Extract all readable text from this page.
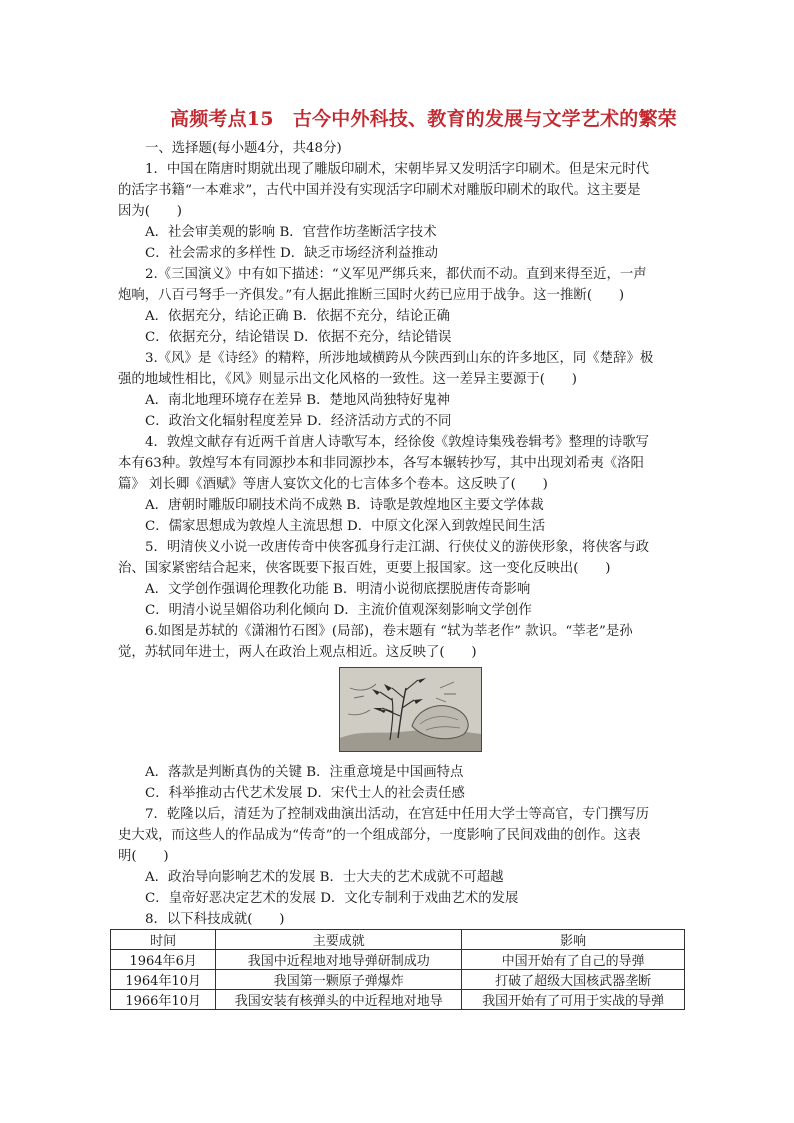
高频考点15　古今中外科技、教育的发展与文学艺术的繁荣
一、选择题(每小题4分，共48分)
1．中国在隋唐时期就出现了雕版印刷术，宋朝毕昇又发明活字印刷术。但是宋元时代
的活字书籍“一本难求”，古代中国并没有实现活字印刷术对雕版印刷术的取代。这主要是
因为(　　)
A．社会审美观的影响 B．官营作坊垄断活字技术
C．社会需求的多样性 D．缺乏市场经济利益推动
2.《三国演义》中有如下描述：“义军见严绑兵来，都伏而不动。直到来得至近，一声
炮响，八百弓弩手一齐俱发。”有人据此推断三国时火药已应用于战争。这一推断(　　)
A．依据充分，结论正确 B．依据不充分，结论正确
C．依据充分，结论错误 D．依据不充分，结论错误
3.《风》是《诗经》的精粹，所涉地域横跨从今陕西到山东的许多地区，同《楚辞》极
强的地域性相比，《风》则显示出文化风格的一致性。这一差异主要源于(　　)
A．南北地理环境存在差异 B．楚地风尚独特好鬼神
C．政治文化辐射程度差异 D．经济活动方式的不同
4．敦煌文献存有近两千首唐人诗歌写本，经徐俊《敦煌诗集残卷辑考》整理的诗歌写
本有63种。敦煌写本有同源抄本和非同源抄本，各写本辗转抄写，其中出现刘希夷《洛阳
篇》 刘长卿《酒赋》等唐人宴饮文化的七言体多个卷本。这反映了(　　)
A．唐朝时雕版印刷技术尚不成熟 B．诗歌是敦煌地区主要文学体裁
C．儒家思想成为敦煌人主流思想 D．中原文化深入到敦煌民间生活
5．明清侠义小说一改唐传奇中侠客孤身行走江湖、行侠仗义的游侠形象，将侠客与政
治、国家紧密结合起来，侠客既要下报百姓，更要上报国家。这一变化反映出(　　)
A．文学创作强调伦理教化功能 B．明清小说彻底摆脱唐传奇影响
C．明清小说呈媚俗功利化倾向 D．主流价值观深刻影响文学创作
6.如图是苏轼的《潇湘竹石图》(局部)，卷末题有 “轼为莘老作” 款识。“莘老”是孙
觉，苏轼同年进士，两人在政治上观点相近。这反映了(　　)
A．落款是判断真伪的关键 B．注重意境是中国画特点
C．科举推动古代艺术发展 D．宋代士人的社会责任感
7．乾隆以后，清廷为了控制戏曲演出活动，在宫廷中任用大学士等高官，专门撰写历
史大戏，而这些人的作品成为“传奇”的一个组成部分，一度影响了民间戏曲的创作。这表
明(　　)
A．政治导向影响艺术的发展 B．士大夫的艺术成就不可超越
C．皇帝好恶决定艺术的发展 D．文化专制利于戏曲艺术的发展
8．以下科技成就(　　)
时间	主要成就	影响
1964年6月	我国中近程地对地导弹研制成功	中国开始有了自己的导弹
1964年10月	我国第一颗原子弹爆炸	打破了超级大国核武器垄断
1966年10月	我国安装有核弹头的中近程地对地导	我国开始有了可用于实战的导弹
